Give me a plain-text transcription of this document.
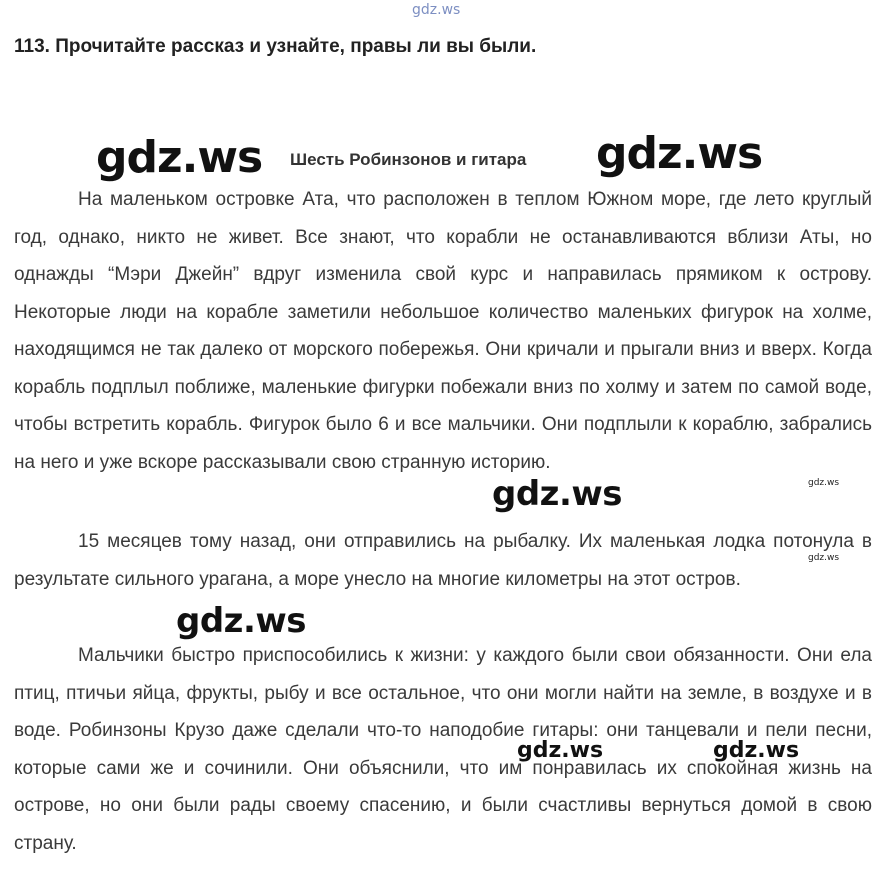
gdz.ws
113. Прочитайте рассказ и узнайте, правы ли вы были.
Шесть Робинзонов и гитара

На маленьком островке Ата, что расположен в теплом Южном море, где лето круглый год, однако, никто не живет. Все знают, что корабли не останавливаются вблизи Аты, но однажды “Мэри Джейн” вдруг изменила свой курс и направилась прямиком к острову. Некоторые люди на корабле заметили небольшое количество маленьких фигурок на холме, находящимся не так далеко от морского побережья. Они кричали и прыгали вниз и вверх. Когда корабль подплыл поближе, маленькие фигурки побежали вниз по холму и затем по самой воде, чтобы встретить корабль. Фигурок было 6 и все мальчики. Они подплыли к кораблю, забрались на него и уже вскоре рассказывали свою странную историю.

15 месяцев тому назад, они отправились на рыбалку. Их маленькая лодка потонула в результате сильного урагана, а море унесло на многие километры на этот остров.

Мальчики быстро приспособились к жизни: у каждого были свои обязанности. Они ела птиц, птичьи яйца, фрукты, рыбу и все остальное, что они могли найти на земле, в воздухе и в воде. Робинзоны Крузо даже сделали что-то наподобие гитары: они танцевали и пели песни, которые сами же и сочинили. Они объяснили, что им понравилась их спокойная жизнь на острове, но они были рады своему спасению, и были счастливы вернуться домой в свою страну.

gdz.ws	gdz.ws
gdz.ws	gdz.ws
gdz.ws
gdz.ws
gdz.ws	gdz.ws
